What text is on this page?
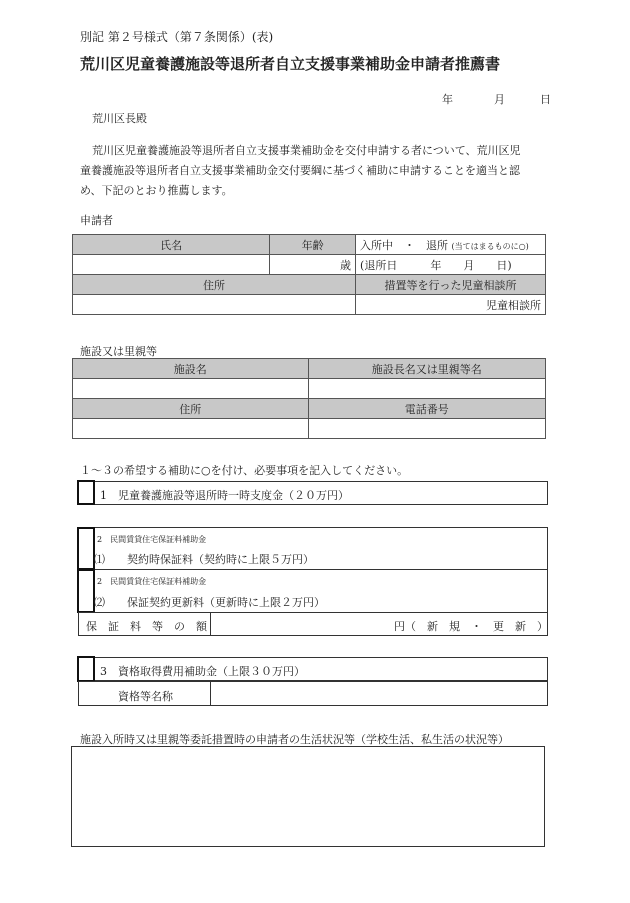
別記 第２号様式（第７条関係）(表)
荒川区児童養護施設等退所者自立支援事業補助金申請者推薦書
年	月	日
荒川区長殿
荒川区児童養護施設等退所者自立支援事業補助金を交付申請する者について、荒川区児
童養護施設等退所者自立支援事業補助金交付要綱に基づく補助に申請することを適当と認
め、下記のとおり推薦します。
申請者
氏名	年齢	入所中　・　退所 (当てはまるものに○)
	歳	(退所日　　　年　　月　　日)
住所		措置等を行った児童相談所
		児童相談所
施設又は里親等
施設名	施設長名又は里親等名

住所	電話番号

１～３の希望する補助に○を付け、必要事項を記入してください。
1　児童養護施設等退所時一時支度金（２０万円）
2　民間賃貸住宅保証料補助金
⑴　　契約時保証料（契約時に上限５万円）
2　民間賃貸住宅保証料補助金
⑵　　保証契約更新料（更新時に上限２万円）
保　証　料　等　の　額	円（　新　規　・　更　新　）
3　資格取得費用補助金（上限３０万円）
資格等名称
施設入所時又は里親等委託措置時の申請者の生活状況等（学校生活、私生活の状況等）
